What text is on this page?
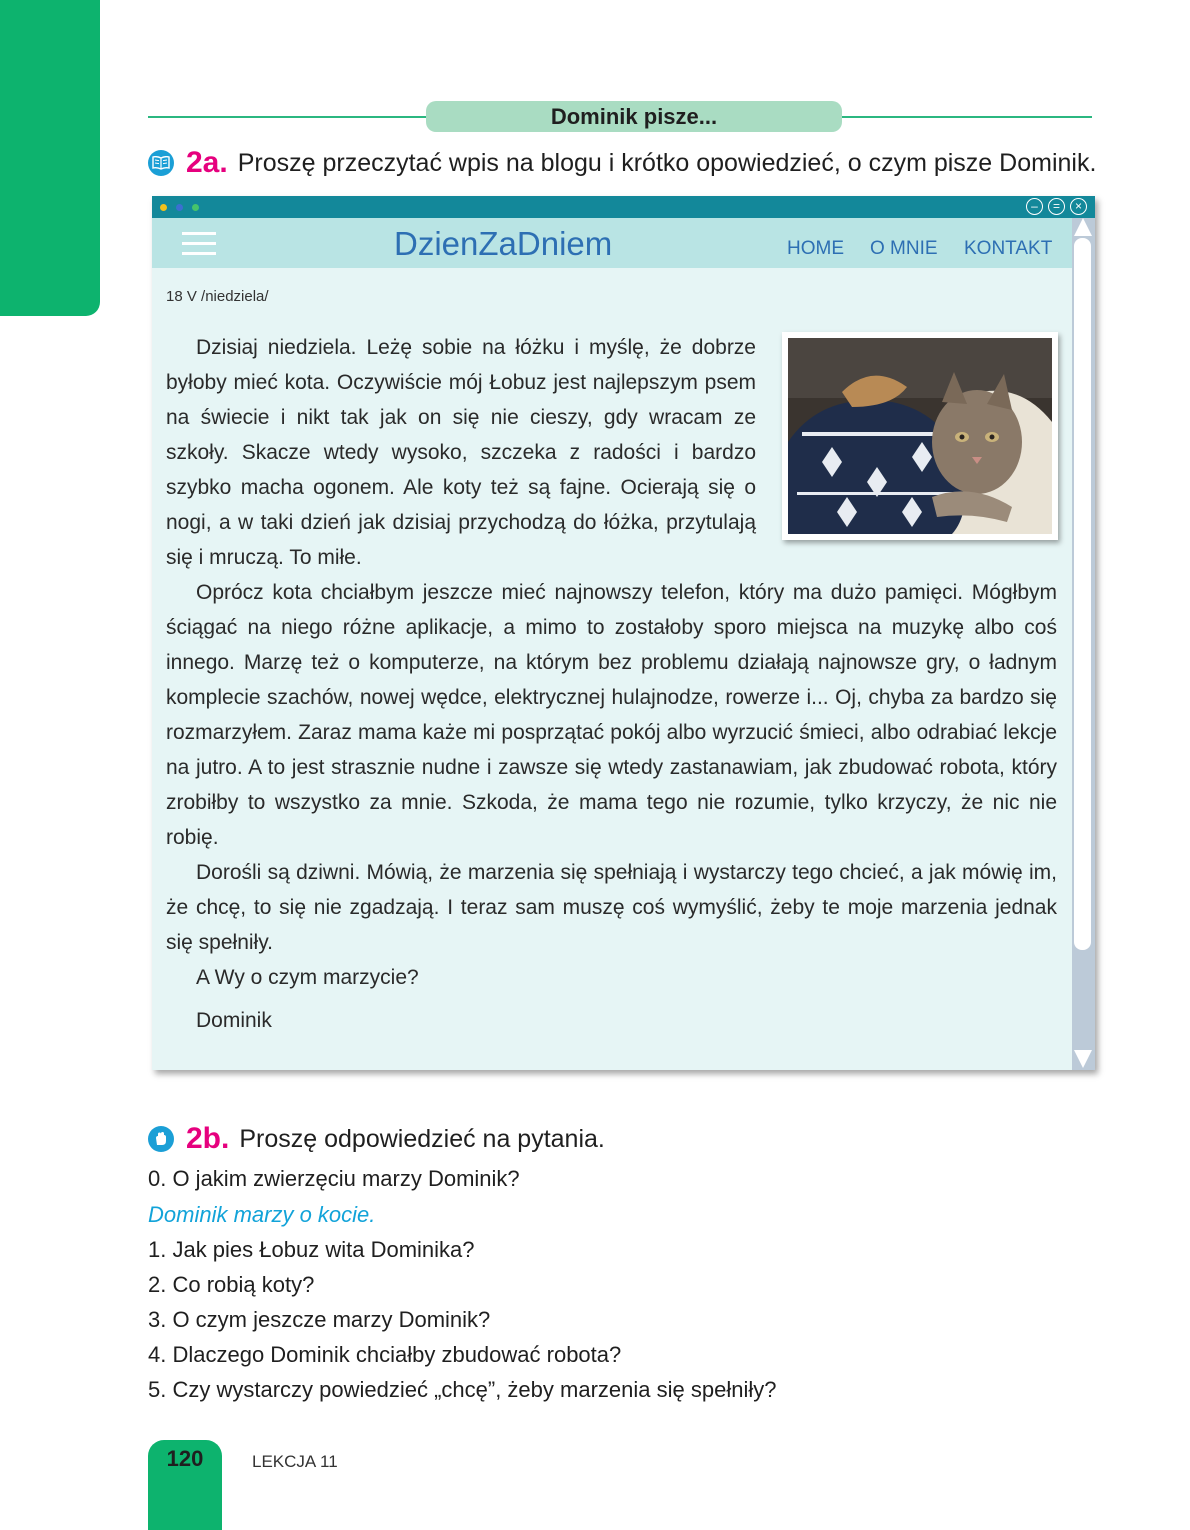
Dominik pisze...
2a. Proszę przeczytać wpis na blogu i krótko opowiedzieć, o czym pisze Dominik.
–	=	×
DzienZaDniem	HOME O MNIE KONTAKT
18 V /niedziela/
Dzisiaj niedziela. Leżę sobie na łóżku i myślę, że dobrze byłoby mieć kota. Oczywiście mój Łobuz jest najlepszym psem na świecie i nikt tak jak on się nie cieszy, gdy wracam ze szkoły. Skacze wtedy wysoko, szczeka z radości i bardzo szybko macha ogonem. Ale koty też są fajne. Ocierają się o nogi, a w taki dzień jak dzisiaj przychodzą do łóżka, przytulają się i mruczą. To miłe.
Oprócz kota chciałbym jeszcze mieć najnowszy telefon, który ma dużo pamięci. Mógłbym ściągać na niego różne aplikacje, a mimo to zostałoby sporo miejsca na muzykę albo coś innego. Marzę też o komputerze, na którym bez problemu działają najnowsze gry, o ładnym komplecie szachów, nowej wędce, elektrycznej hulajnodze, rowerze i... Oj, chyba za bardzo się rozmarzyłem. Zaraz mama każe mi posprzątać pokój albo wyrzucić śmieci, albo odrabiać lekcje na jutro. A to jest strasznie nudne i zawsze się wtedy zastanawiam, jak zbudować robota, który zrobiłby to wszystko za mnie. Szkoda, że mama tego nie rozumie, tylko krzyczy, że nic nie robię.
Dorośli są dziwni. Mówią, że marzenia się spełniają i wystarczy tego chcieć, a jak mówię im, że chcę, to się nie zgadzają. I teraz sam muszę coś wymyślić, żeby te moje marzenia jednak się spełniły.
A Wy o czym marzycie?
Dominik
2b. Proszę odpowiedzieć na pytania.
0. O jakim zwierzęciu marzy Dominik?
Dominik marzy o kocie.
1. Jak pies Łobuz wita Dominika?
2. Co robią koty?
3. O czym jeszcze marzy Dominik?
4. Dlaczego Dominik chciałby zbudować robota?
5. Czy wystarczy powiedzieć „chcę”, żeby marzenia się spełniły?
120	LEKCJA 11
